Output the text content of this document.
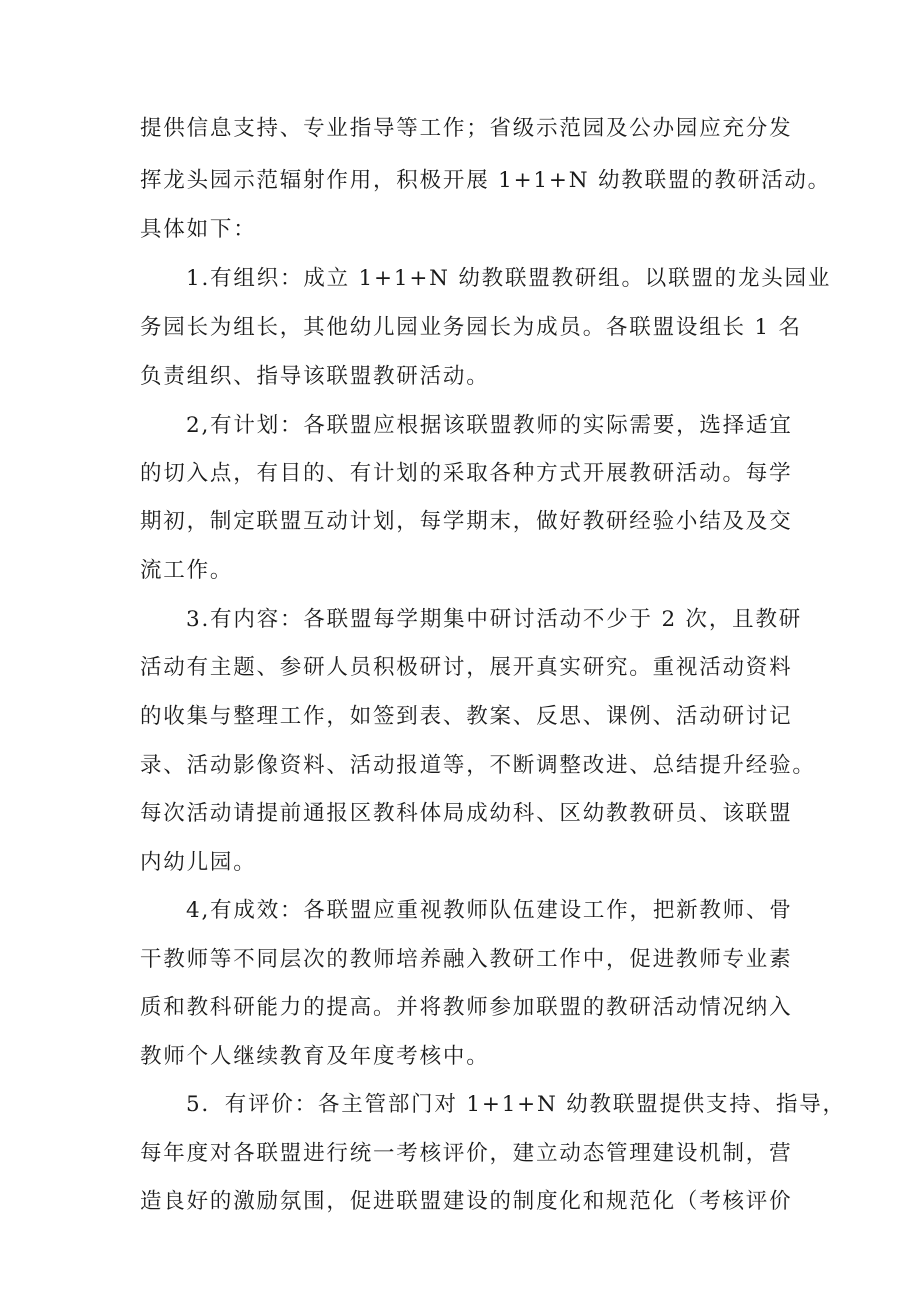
提供信息支持、专业指导等工作；省级示范园及公办园应充分发
挥龙头园示范辐射作用，积极开展 1+1+N 幼教联盟的教研活动。
具体如下：
1.有组织：成立 1+1+N 幼教联盟教研组。以联盟的龙头园业
务园长为组长，其他幼儿园业务园长为成员。各联盟设组长 1 名
负责组织、指导该联盟教研活动。
2,有计划：各联盟应根据该联盟教师的实际需要，选择适宜
的切入点，有目的、有计划的采取各种方式开展教研活动。每学
期初，制定联盟互动计划，每学期末，做好教研经验小结及及交
流工作。
3.有内容：各联盟每学期集中研讨活动不少于 2 次，且教研
活动有主题、参研人员积极研讨，展开真实研究。重视活动资料
的收集与整理工作，如签到表、教案、反思、课例、活动研讨记
录、活动影像资料、活动报道等，不断调整改进、总结提升经验。
每次活动请提前通报区教科体局成幼科、区幼教教研员、该联盟
内幼儿园。
4,有成效：各联盟应重视教师队伍建设工作，把新教师、骨
干教师等不同层次的教师培养融入教研工作中，促进教师专业素
质和教科研能力的提高。并将教师参加联盟的教研活动情况纳入
教师个人继续教育及年度考核中。
5．有评价：各主管部门对 1+1+N 幼教联盟提供支持、指导，
每年度对各联盟进行统一考核评价，建立动态管理建设机制，营
造良好的激励氛围，促进联盟建设的制度化和规范化（考核评价
